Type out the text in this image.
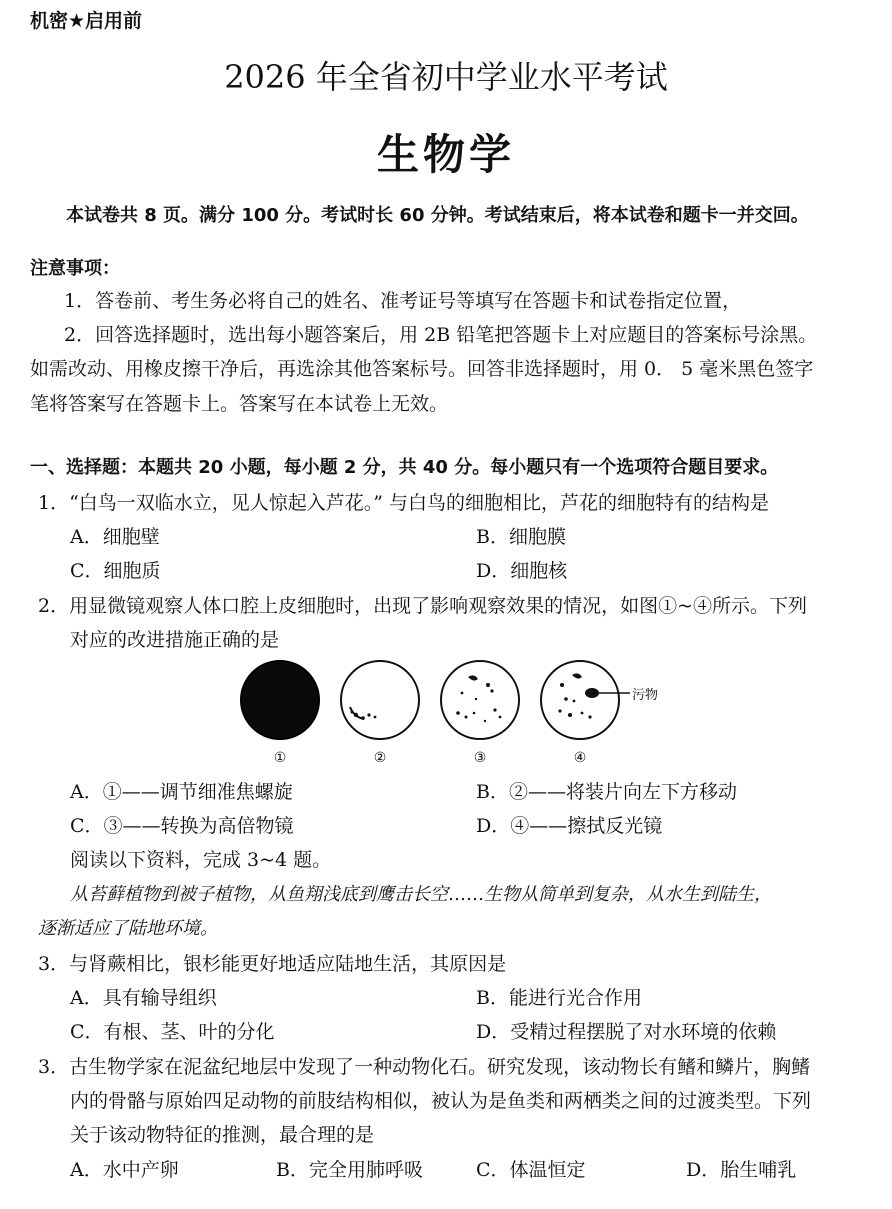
机密★启用前
2026 年全省初中学业水平考试
生物学
本试卷共 8 页。满分 100 分。考试时长 60 分钟。考试结束后，将本试卷和题卡一并交回。
注意事项：
1．答卷前、考生务必将自己的姓名、准考证号等填写在答题卡和试卷指定位置，
2．回答选择题时，选出每小题答案后，用 2B 铅笔把答题卡上对应题目的答案标号涂黑。
如需改动、用橡皮擦干净后，再选涂其他答案标号。回答非选择题时，用 0． 5 毫米黑色签字
笔将答案写在答题卡上。答案写在本试卷上无效。
一、选择题：本题共 20 小题，每小题 2 分，共 40 分。每小题只有一个选项符合题目要求。
1．“白鸟一双临水立，见人惊起入芦花。” 与白鸟的细胞相比，芦花的细胞特有的结构是
A．细胞壁	B．细胞膜
C．细胞质	D．细胞核
2．用显微镜观察人体口腔上皮细胞时，出现了影响观察效果的情况，如图①~④所示。下列
对应的改进措施正确的是
污物
①	②	③	④
A．①——调节细准焦螺旋	B．②——将装片向左下方移动
C．③——转换为高倍物镜	D．④——擦拭反光镜
阅读以下资料，完成 3~4 题。
从苔藓植物到被子植物，从鱼翔浅底到鹰击长空……生物从简单到复杂，从水生到陆生，
逐渐适应了陆地环境。
3．与肾蕨相比，银杉能更好地适应陆地生活，其原因是
A．具有输导组织	B．能进行光合作用
C．有根、茎、叶的分化	D．受精过程摆脱了对水环境的依赖
3．古生物学家在泥盆纪地层中发现了一种动物化石。研究发现，该动物长有鳍和鳞片，胸鳍
内的骨骼与原始四足动物的前肢结构相似，被认为是鱼类和两栖类之间的过渡类型。下列
关于该动物特征的推测，最合理的是
A．水中产卵	B．完全用肺呼吸	C．体温恒定	D．胎生哺乳
